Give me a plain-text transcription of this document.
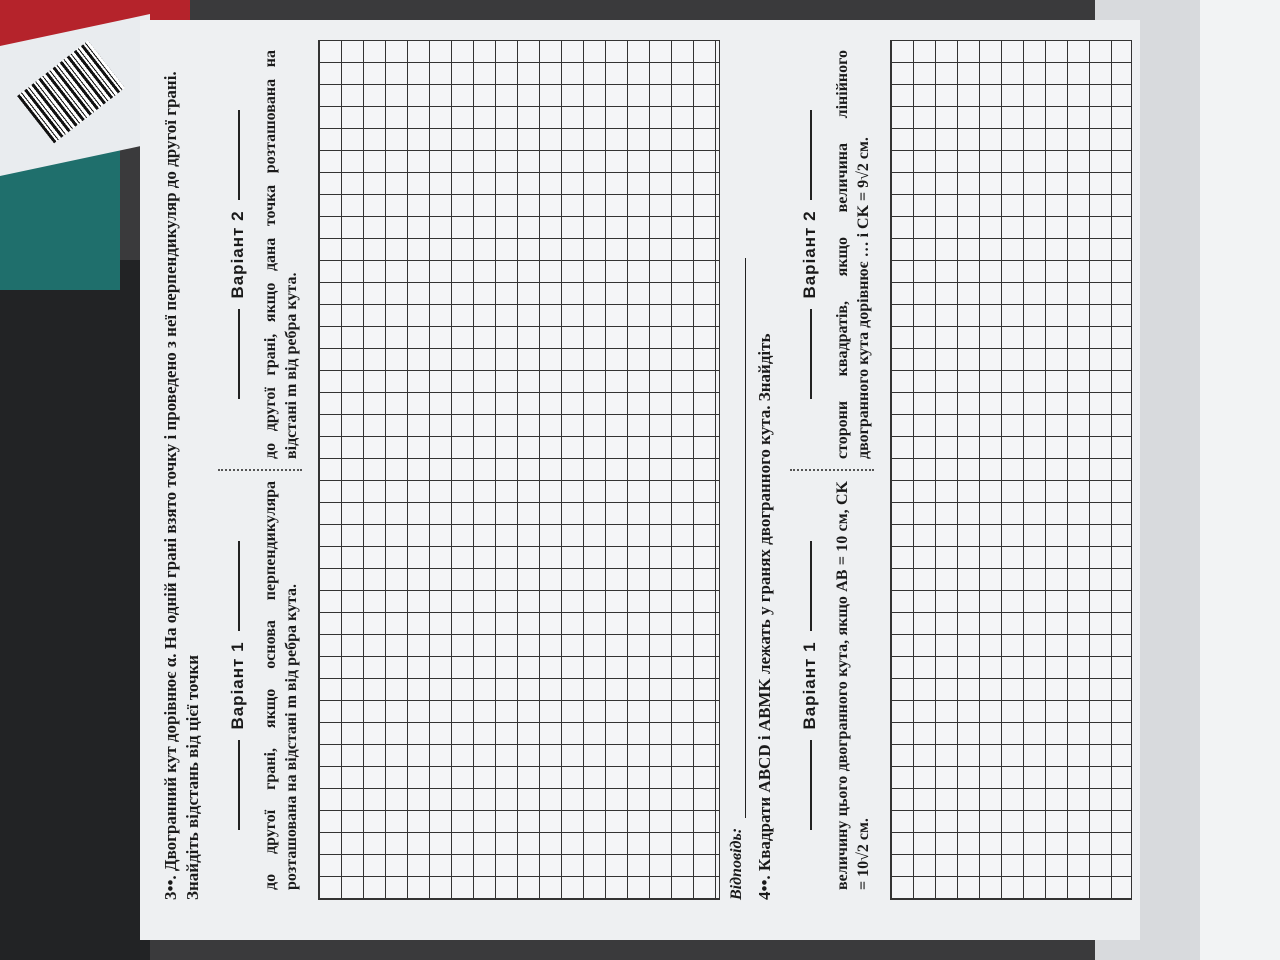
3••. Двогранний кут дорівнює α. На одній грані взято точку і проведено з неї перпендикуляр до другої грані. Знайдіть відстань від цієї точки Варіант 1 до другої грані, якщо основа перпендикуляра розташована на відстані m від ребра кута.
Варіант 2 до другої грані, якщо дана точка розташована на відстані m від ребра кута.
Відповідь: 4••. Квадрати ABCD і ABMK лежать у гранях двогранного кута. Знайдіть Варіант 1 величину цього двогранного кута, якщо AB = 10 см, CK = 10√2 см.
Варіант 2 сторони квадратів, якщо величина лінійного двогранного кута дорівнює … і CK = 9√2 см.
